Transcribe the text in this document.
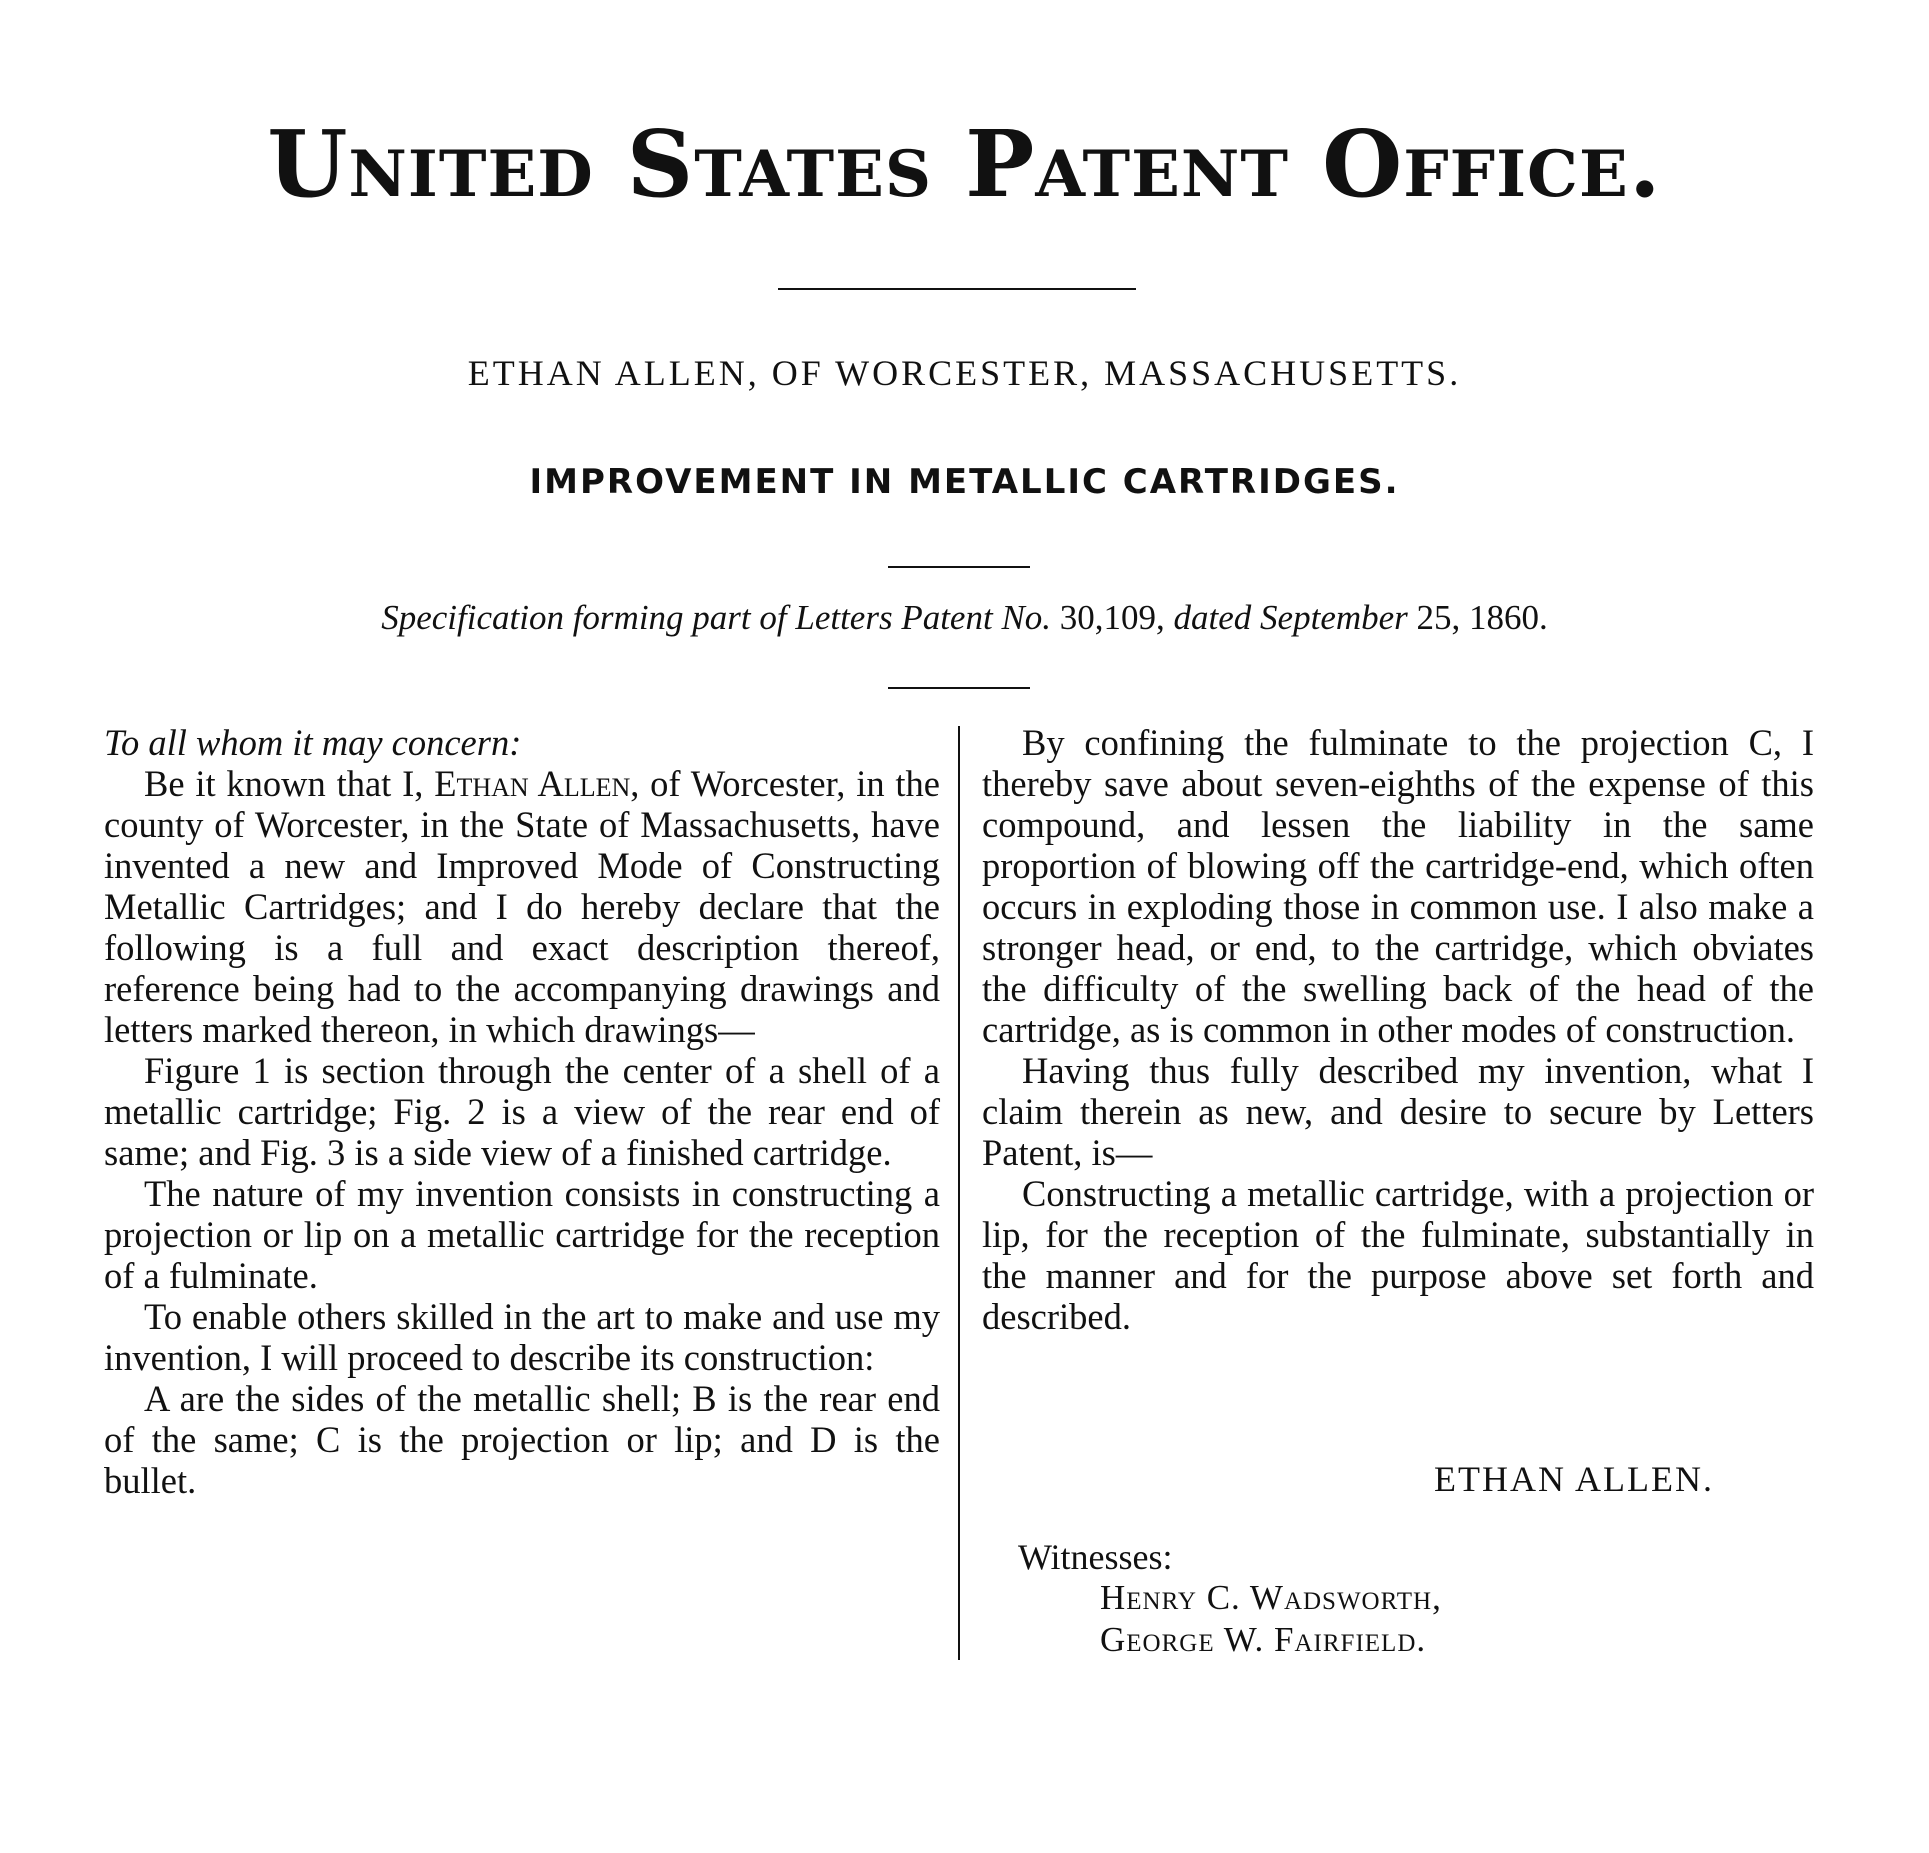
United States Patent Office.
ETHAN ALLEN, OF WORCESTER, MASSACHUSETTS.
IMPROVEMENT IN METALLIC CARTRIDGES.
Specification forming part of Letters Patent No. 30,109, dated September 25, 1860.

To all whom it may concern:

Be it known that I, Ethan Allen, of Worcester, in the county of Worcester, in the State of Massachusetts, have invented a new and Improved Mode of Constructing Metallic Cartridges; and I do hereby declare that the following is a full and exact description thereof, reference being had to the accompanying drawings and letters marked thereon, in which drawings—

Figure 1 is section through the center of a shell of a metallic cartridge; Fig. 2 is a view of the rear end of same; and Fig. 3 is a side view of a finished cartridge.

The nature of my invention consists in constructing a projection or lip on a metallic cartridge for the reception of a fulminate.

To enable others skilled in the art to make and use my invention, I will proceed to describe its construction:

A are the sides of the metallic shell; B is the rear end of the same; C is the projection or lip; and D is the bullet.

By confining the fulminate to the projection C, I thereby save about seven-eighths of the expense of this compound, and lessen the liability in the same proportion of blowing off the cartridge-end, which often occurs in exploding those in common use. I also make a stronger head, or end, to the cartridge, which obviates the difficulty of the swelling back of the head of the cartridge, as is common in other modes of construction.

Having thus fully described my invention, what I claim therein as new, and desire to secure by Letters Patent, is—

Constructing a metallic cartridge, with a projection or lip, for the reception of the fulminate, substantially in the manner and for the purpose above set forth and described.

ETHAN ALLEN.
Witnesses:
Henry C. Wadsworth,
George W. Fairfield.
